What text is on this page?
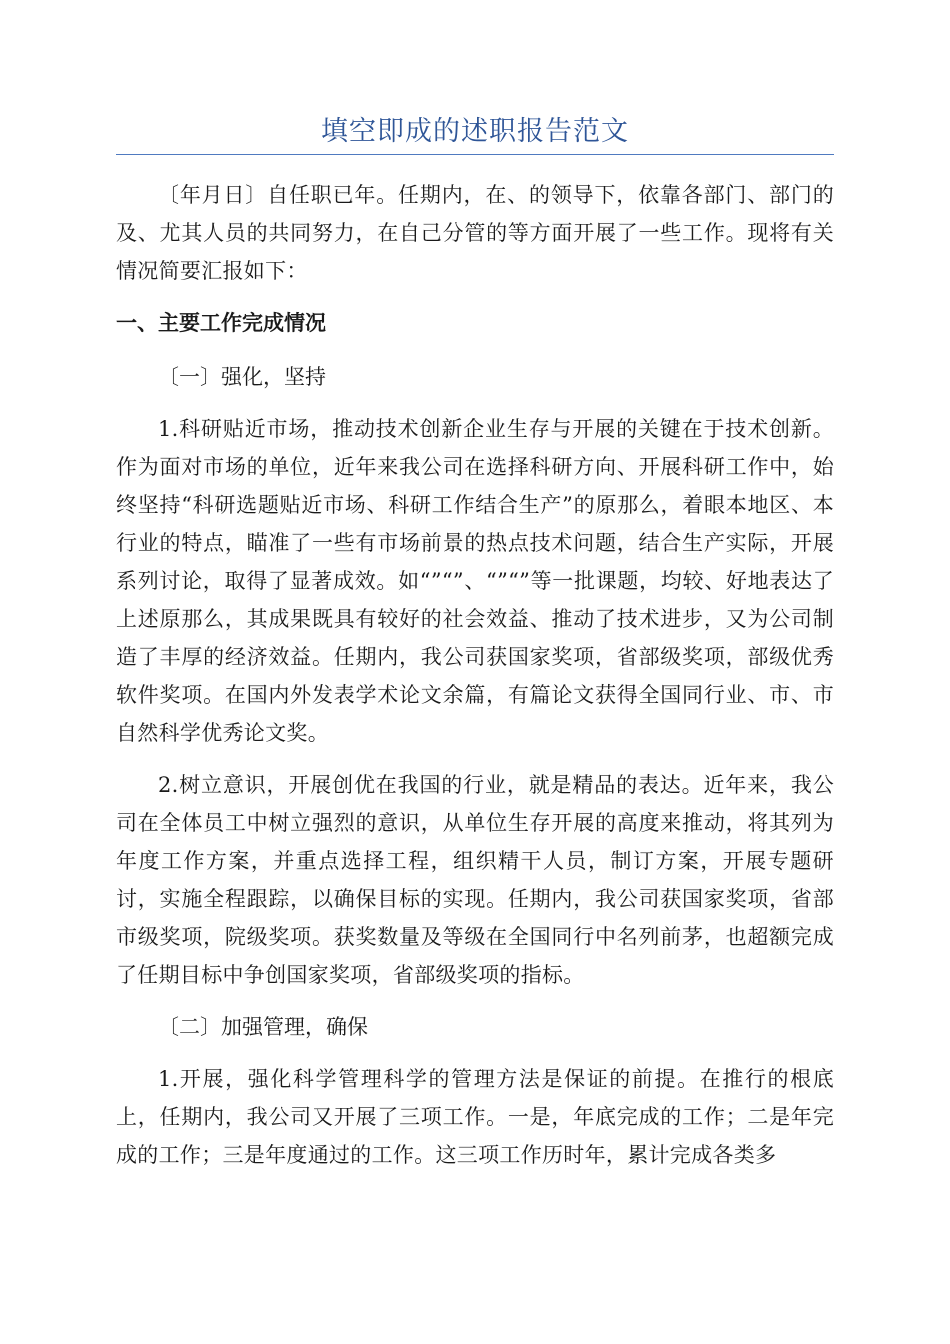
填空即成的述职报告范文

〔年月日〕自任职已年。任期内，在、的领导下，依靠各部门、部门的及、尤其人员的共同努力，在自己分管的等方面开展了一些工作。现将有关情况简要汇报如下：

一、主要工作完成情况
〔一〕强化，坚持

1.科研贴近市场，推动技术创新企业生存与开展的关键在于技术创新。作为面对市场的单位，近年来我公司在选择科研方向、开展科研工作中，始终坚持“科研选题贴近市场、科研工作结合生产”的原那么，着眼本地区、本行业的特点，瞄准了一些有市场前景的热点技术问题，结合生产实际，开展系列讨论，取得了显著成效。如“”“”、“”“”等一批课题，均较、好地表达了上述原那么，其成果既具有较好的社会效益、推动了技术进步，又为公司制造了丰厚的经济效益。任期内，我公司获国家奖项，省部级奖项，部级优秀软件奖项。在国内外发表学术论文余篇，有篇论文获得全国同行业、市、市自然科学优秀论文奖。

2.树立意识，开展创优在我国的行业，就是精品的表达。近年来，我公司在全体员工中树立强烈的意识，从单位生存开展的高度来推动，将其列为年度工作方案，并重点选择工程，组织精干人员，制订方案，开展专题研讨，实施全程跟踪，以确保目标的实现。任期内，我公司获国家奖项，省部市级奖项，院级奖项。获奖数量及等级在全国同行中名列前茅，也超额完成了任期目标中争创国家奖项，省部级奖项的指标。

〔二〕加强管理，确保

1.开展，强化科学管理科学的管理方法是保证的前提。在推行的根底上，任期内，我公司又开展了三项工作。一是，年底完成的工作；二是年完成的工作；三是年度通过的工作。这三项工作历时年，累计完成各类多
